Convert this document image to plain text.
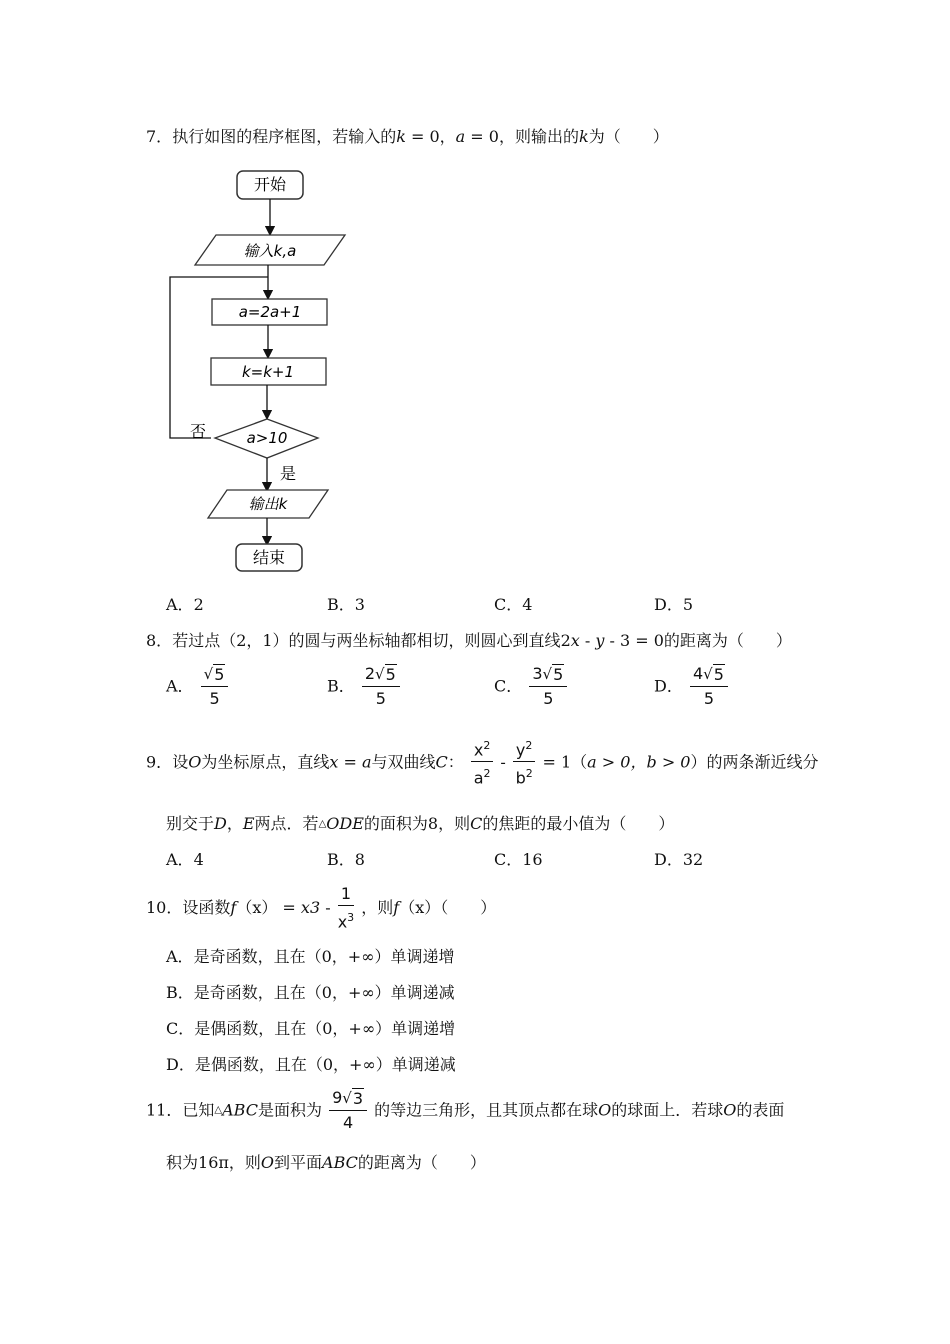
7．执行如图的程序框图，若输入的k = 0，a = 0，则输出的k为（　　）
开始
输入k,a
a=2a+1
k=k+1
a>10
否
是
输出k
结束
A．2	B．3	C．4	D．5
8．若过点（2，1）的圆与两坐标轴都相切，则圆心到直线2x ‐ y ‐ 3 = 0的距离为（　　）
A． $\frac{√ 5}{5}$	B． $\frac{2 √ 5}{5}$	C． $\frac{3 √ 5}{5}$	D． $\frac{4 √ 5}{5}$
9．设O为坐标原点，直线x = a与双曲线C： $\frac{x^2}{a^2}$ ‐ $\frac{y^2}{b^2} = 1(a > 0$，b > 0）的两条渐近线分
别交于D，E两点．若△ODE的面积为8，则C的焦距的最小值为（　　）
A．4	B．8	C．16	D．32
10．设函数f（x） = x3 ‐ $\frac{1}{x^3}$ ，则f（x）（　　）
A．是奇函数，且在（0，+∞）单调递增
B．是奇函数，且在（0，+∞）单调递减
C．是偶函数，且在（0，+∞）单调递增
D．是偶函数，且在（0，+∞）单调递减
11．已知△ABC是面积为 $\frac{9 √ 3}{4}$ 的等边三角形，且其顶点都在球O的球面上．若球O的表面
积为16π，则O到平面ABC的距离为（　　）
